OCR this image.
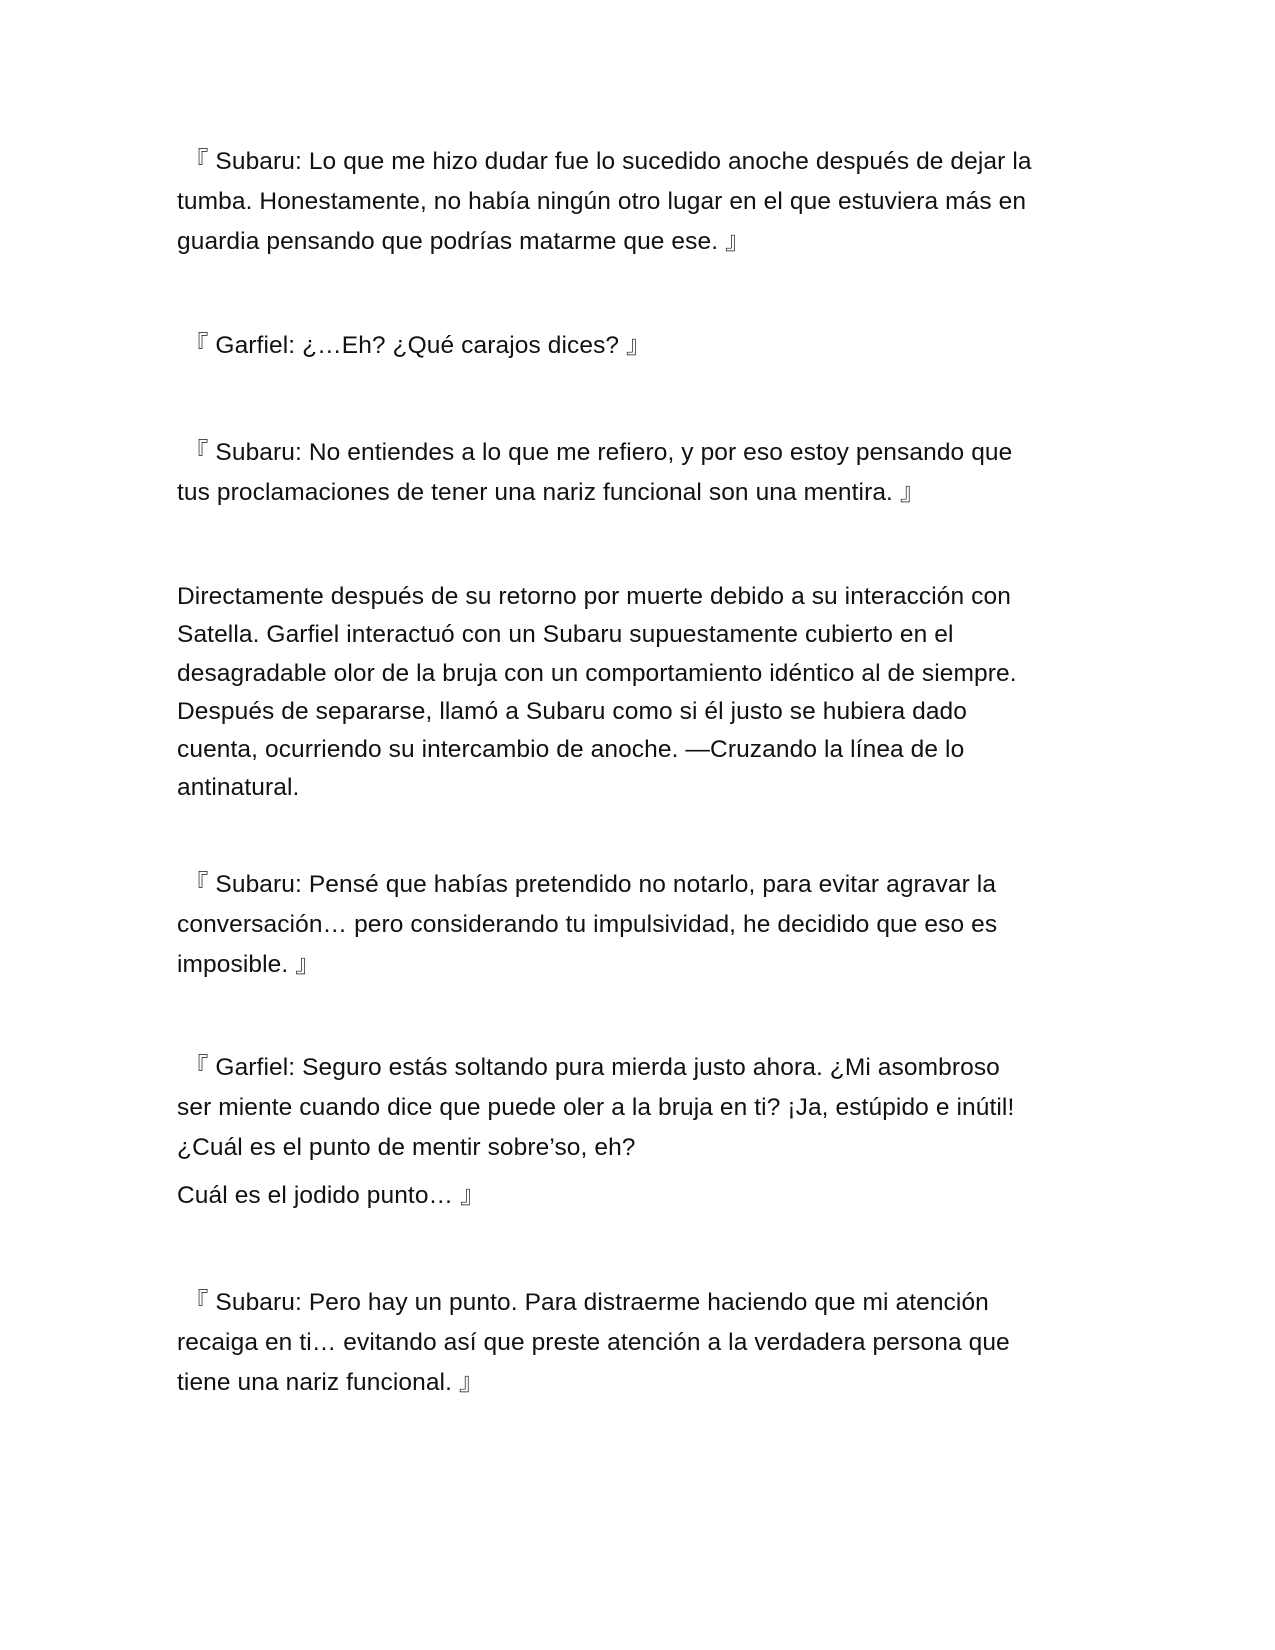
『 Subaru: Lo que me hizo dudar fue lo sucedido anoche después de dejar la
tumba. Honestamente, no había ningún otro lugar en el que estuviera más en
guardia pensando que podrías matarme que ese. 』

『 Garfiel: ¿…Eh? ¿Qué carajos dices? 』

『 Subaru: No entiendes a lo que me refiero, y por eso estoy pensando que
tus proclamaciones de tener una nariz funcional son una mentira. 』

Directamente después de su retorno por muerte debido a su interacción con
Satella. Garfiel interactuó con un Subaru supuestamente cubierto en el
desagradable olor de la bruja con un comportamiento idéntico al de siempre.
Después de separarse, llamó a Subaru como si él justo se hubiera dado
cuenta, ocurriendo su intercambio de anoche. —Cruzando la línea de lo
antinatural.

『 Subaru: Pensé que habías pretendido no notarlo, para evitar agravar la
conversación… pero considerando tu impulsividad, he decidido que eso es
imposible. 』

『 Garfiel: Seguro estás soltando pura mierda justo ahora. ¿Mi asombroso
ser miente cuando dice que puede oler a la bruja en ti? ¡Ja, estúpido e inútil!
¿Cuál es el punto de mentir sobre’so, eh?

Cuál es el jodido punto… 』

『 Subaru: Pero hay un punto. Para distraerme haciendo que mi atención
recaiga en ti… evitando así que preste atención a la verdadera persona que
tiene una nariz funcional. 』
